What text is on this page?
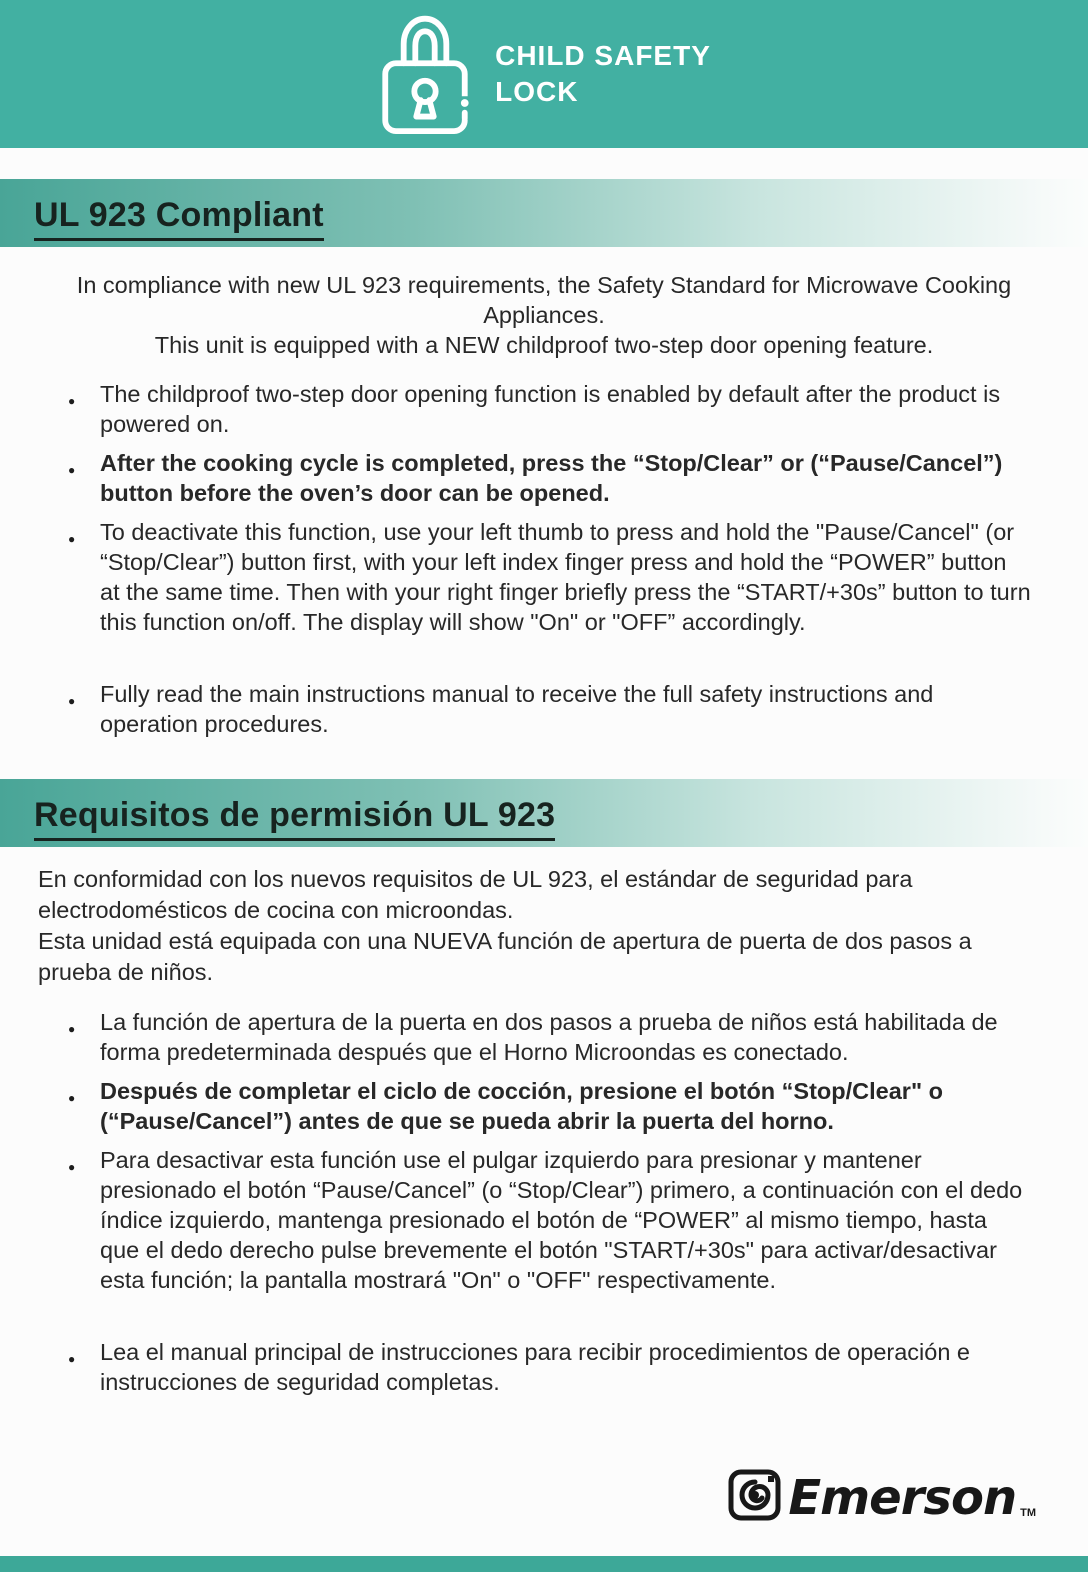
CHILD SAFETY
LOCK
UL 923 Compliant

In compliance with new UL 923 requirements, the Safety Standard for Microwave Cooking Appliances.

This unit is equipped with a NEW childproof two-step door opening feature.

● The childproof two-step door opening function is enabled by default after the product is powered on.
● After the cooking cycle is completed, press the “Stop/Clear” or (“Pause/Cancel”) button before the oven’s door can be opened.
● To deactivate this function, use your left thumb to press and hold the "Pause/Cancel" (or “Stop/Clear”) button first, with your left index finger press and hold the “POWER” button at the same time. Then with your right finger briefly press the “START/+30s” button to turn this function on/off. The display will show "On" or "OFF” accordingly.
● Fully read the main instructions manual to receive the full safety instructions and operation procedures.
Requisitos de permisión UL 923

En conformidad con los nuevos requisitos de UL 923, el estándar de seguridad para electrodomésticos de cocina con microondas.

Esta unidad está equipada con una NUEVA función de apertura de puerta de dos pasos a prueba de niños.

● La función de apertura de la puerta en dos pasos a prueba de niños está habilitada de forma predeterminada después que el Horno Microondas es conectado.
● Después de completar el ciclo de cocción, presione el botón “Stop/Clear" o (“Pause/Cancel”) antes de que se pueda abrir la puerta del horno.
● Para desactivar esta función use el pulgar izquierdo para presionar y mantener presionado el botón “Pause/Cancel” (o “Stop/Clear”) primero, a continuación con el dedo índice izquierdo, mantenga presionado el botón de “POWER” al mismo tiempo, hasta que el dedo derecho pulse brevemente el botón "START/+30s" para activar/desactivar esta función; la pantalla mostrará "On" o "OFF" respectivamente.
● Lea el manual principal de instrucciones para recibir procedimientos de operación e instrucciones de seguridad completas.
Emerson TM
